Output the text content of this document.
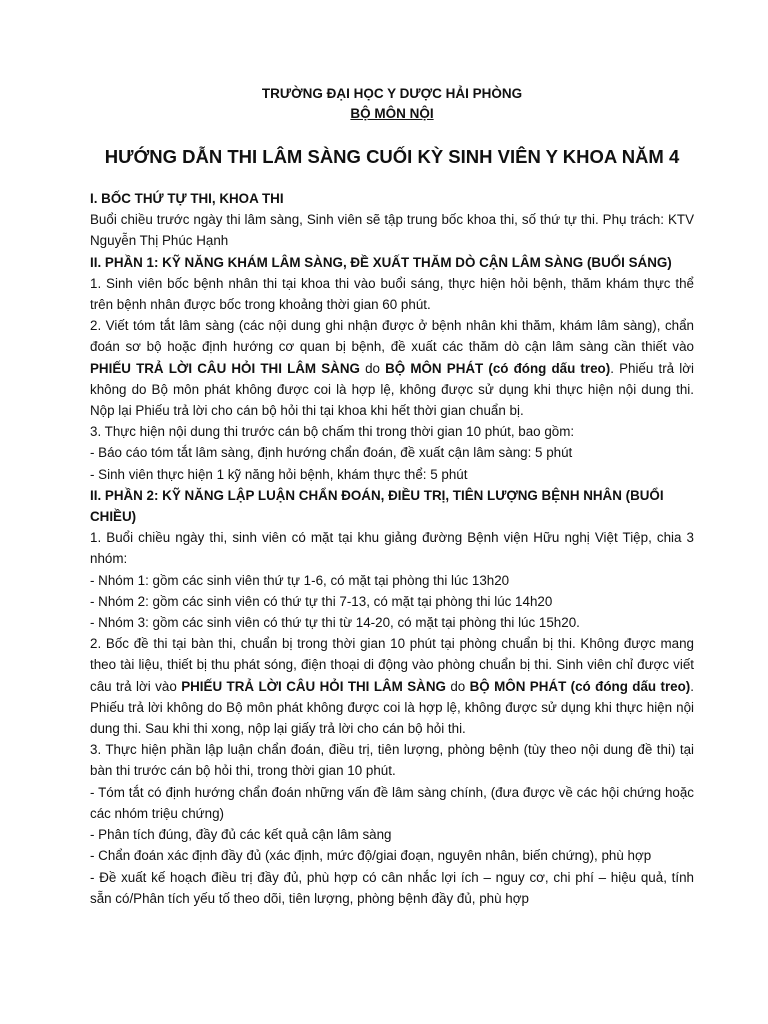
TRƯỜNG ĐẠI HỌC Y DƯỢC HẢI PHÒNG
BỘ MÔN NỘI
HƯỚNG DẪN THI LÂM SÀNG CUỐI KỲ SINH VIÊN Y KHOA NĂM 4
I. BỐC THỨ TỰ THI, KHOA THI

Buổi chiều trước ngày thi lâm sàng, Sinh viên sẽ tập trung bốc khoa thi, số thứ tự thi. Phụ trách: KTV Nguyễn Thị Phúc Hạnh

II. PHẦN 1: KỸ NĂNG KHÁM LÂM SÀNG, ĐỀ XUẤT THĂM DÒ CẬN LÂM SÀNG (BUỔI SÁNG)

1. Sinh viên bốc bệnh nhân thi tại khoa thi vào buổi sáng, thực hiện hỏi bệnh, thăm khám thực thể trên bệnh nhân được bốc trong khoảng thời gian 60 phút.

2. Viết tóm tắt lâm sàng (các nội dung ghi nhận được ở bệnh nhân khi thăm, khám lâm sàng), chẩn đoán sơ bộ hoặc định hướng cơ quan bị bệnh, đề xuất các thăm dò cận lâm sàng cần thiết vào PHIẾU TRẢ LỜI CÂU HỎI THI LÂM SÀNG do BỘ MÔN PHÁT (có đóng dấu treo). Phiếu trả lời không do Bộ môn phát không được coi là hợp lệ, không được sử dụng khi thực hiện nội dung thi. Nộp lại Phiếu trả lời cho cán bộ hỏi thi tại khoa khi hết thời gian chuẩn bị.

3. Thực hiện nội dung thi trước cán bộ chấm thi trong thời gian 10 phút, bao gồm:

- Báo cáo tóm tắt lâm sàng, định hướng chẩn đoán, đề xuất cận lâm sàng: 5 phút

- Sinh viên thực hiện 1 kỹ năng hỏi bệnh, khám thực thể: 5 phút

II. PHẦN 2: KỸ NĂNG LẬP LUẬN CHẨN ĐOÁN, ĐIỀU TRỊ, TIÊN LƯỢNG BỆNH NHÂN (BUỔI CHIỀU)

1. Buổi chiều ngày thi, sinh viên có mặt tại khu giảng đường Bệnh viện Hữu nghị Việt Tiệp, chia 3 nhóm:

- Nhóm 1: gồm các sinh viên thứ tự 1-6, có mặt tại phòng thi lúc 13h20

- Nhóm 2: gồm các sinh viên có thứ tự thi 7-13, có mặt tại phòng thi lúc 14h20

- Nhóm 3: gồm các sinh viên có thứ tự thi từ 14-20, có mặt tại phòng thi lúc 15h20.

2. Bốc đề thi tại bàn thi, chuẩn bị trong thời gian 10 phút tại phòng chuẩn bị thi. Không được mang theo tài liệu, thiết bị thu phát sóng, điện thoại di động vào phòng chuẩn bị thi. Sinh viên chỉ được viết câu trả lời vào PHIẾU TRẢ LỜI CÂU HỎI THI LÂM SÀNG do BỘ MÔN PHÁT (có đóng dấu treo). Phiếu trả lời không do Bộ môn phát không được coi là hợp lệ, không được sử dụng khi thực hiện nội dung thi. Sau khi thi xong, nộp lại giấy trả lời cho cán bộ hỏi thi.

3. Thực hiện phần lập luận chẩn đoán, điều trị, tiên lượng, phòng bệnh (tùy theo nội dung đề thi) tại bàn thi trước cán bộ hỏi thi, trong thời gian 10 phút.

- Tóm tắt có định hướng chẩn đoán những vấn đề lâm sàng chính, (đưa được về các hội chứng hoặc các nhóm triệu chứng)

- Phân tích đúng, đầy đủ các kết quả cận lâm sàng

- Chẩn đoán xác định đầy đủ (xác định, mức độ/giai đoạn, nguyên nhân, biến chứng), phù hợp

- Đề xuất kế hoạch điều trị đầy đủ, phù hợp có cân nhắc lợi ích – nguy cơ, chi phí – hiệu quả, tính sẵn có/Phân tích yếu tố theo dõi, tiên lượng, phòng bệnh đầy đủ, phù hợp
